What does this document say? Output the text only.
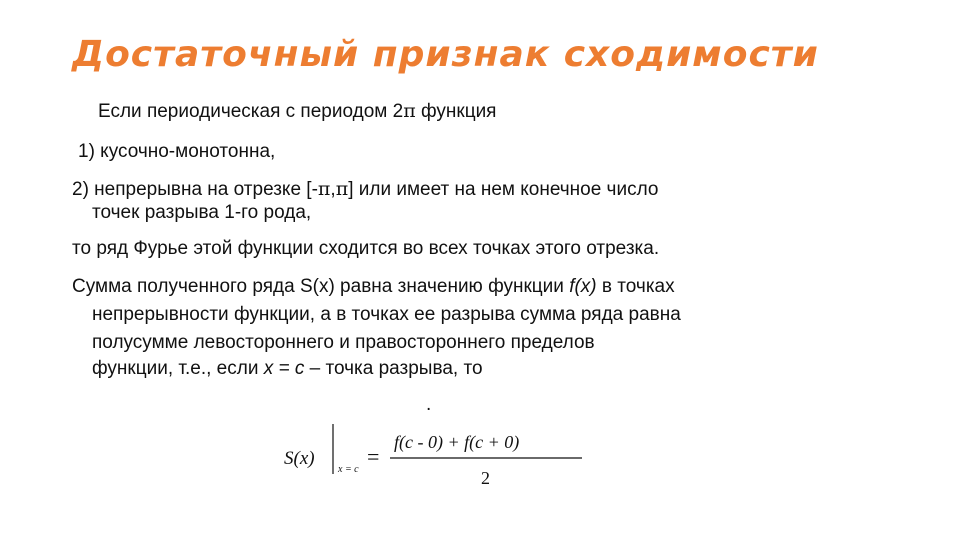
Достаточный признак сходимости
Если периодическая с периодом 2π функция
1) кусочно-монотонна,
2) непрерывна на отрезке [-π,π] или имеет на нем конечное число
точек разрыва 1-го рода,
то ряд Фурье этой функции сходится во всех точках этого отрезка.
Сумма полученного ряда S(x) равна значению функции f(x) в точках
непрерывности функции, а в точках ее разрыва сумма ряда равна
полусумме левостороннего и правостороннего пределов
функции, т.е., если x = c – точка разрыва, то
.
S(x)
x = c
=
f(c - 0) + f(c + 0)
2
